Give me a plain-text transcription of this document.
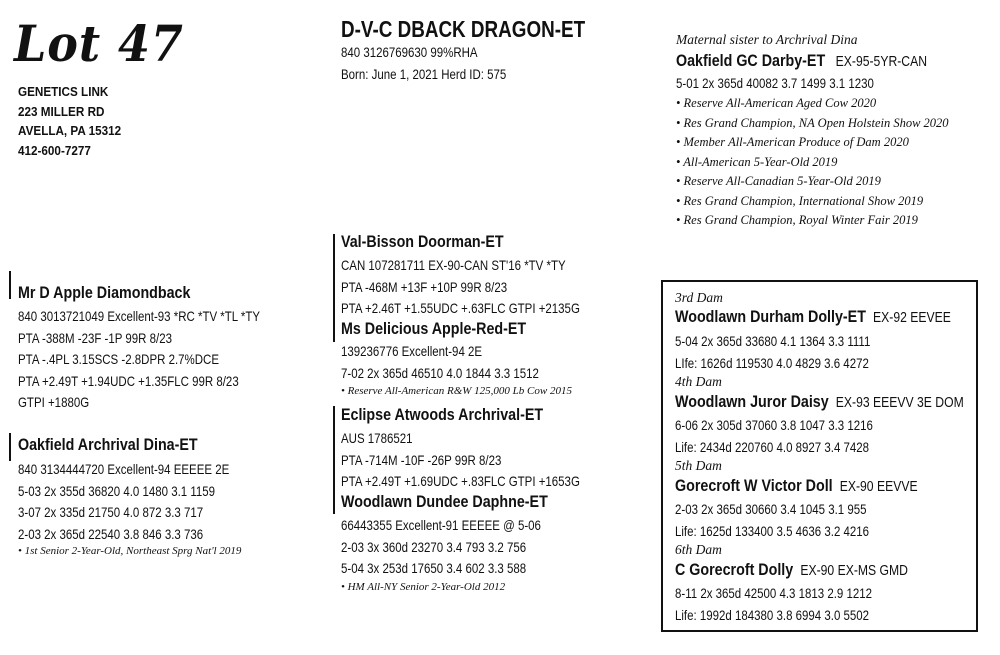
Lot 47
GENETICS LINK
223 MILLER RD
AVELLA, PA 15312
412-600-7277
D-V-C DBACK DRAGON-ET
840 3126769630 99%RHA
Born: June 1, 2021 Herd ID: 575
Maternal sister to Archrival Dina
Oakfield GC Darby-ET EX-95-5YR-CAN
5-01 2x 365d 40082 3.7 1499 3.1 1230
• Reserve All-American Aged Cow 2020
• Res Grand Champion, NA Open Holstein Show 2020
• Member All-American Produce of Dam 2020
• All-American 5-Year-Old 2019
• Reserve All-Canadian 5-Year-Old 2019
• Res Grand Champion, International Show 2019
• Res Grand Champion, Royal Winter Fair 2019
Mr D Apple Diamondback
840 3013721049 Excellent-93 *RC *TV *TL *TY
PTA -388M -23F -1P 99R 8/23
PTA -.4PL 3.15SCS -2.8DPR 2.7%DCE
PTA +2.49T +1.94UDC +1.35FLC 99R 8/23
GTPI +1880G
Oakfield Archrival Dina-ET
840 3134444720 Excellent-94 EEEEE 2E
5-03 2x 355d 36820 4.0 1480 3.1 1159
3-07 2x 335d 21750 4.0 872 3.3 717
2-03 2x 365d 22540 3.8 846 3.3 736
• 1st Senior 2-Year-Old, Northeast Sprg Nat'l 2019
Val-Bisson Doorman-ET
CAN 107281711 EX-90-CAN ST'16 *TV *TY
PTA -468M +13F +10P 99R 8/23
PTA +2.46T +1.55UDC +.63FLC GTPI +2135G
Ms Delicious Apple-Red-ET
139236776 Excellent-94 2E
7-02 2x 365d 46510 4.0 1844 3.3 1512
• Reserve All-American R&W 125,000 Lb Cow 2015
Eclipse Atwoods Archrival-ET
AUS 1786521
PTA -714M -10F -26P 99R 8/23
PTA +2.49T +1.69UDC +.83FLC GTPI +1653G
Woodlawn Dundee Daphne-ET
66443355 Excellent-91 EEEEE @ 5-06
2-03 3x 360d 23270 3.4 793 3.2 756
5-04 3x 253d 17650 3.4 602 3.3 588
• HM All-NY Senior 2-Year-Old 2012
3rd Dam
Woodlawn Durham Dolly-ET EX-92 EEVEE
5-04 2x 365d 33680 4.1 1364 3.3 1111
LIfe: 1626d 119530 4.0 4829 3.6 4272
4th Dam
Woodlawn Juror Daisy EX-93 EEEVV 3E DOM
6-06 2x 305d 37060 3.8 1047 3.3 1216
Life: 2434d 220760 4.0 8927 3.4 7428
5th Dam
Gorecroft W Victor Doll EX-90 EEVVE
2-03 2x 365d 30660 3.4 1045 3.1 955
Life: 1625d 133400 3.5 4636 3.2 4216
6th Dam
C Gorecroft Dolly EX-90 EX-MS GMD
8-11 2x 365d 42500 4.3 1813 2.9 1212
Life: 1992d 184380 3.8 6994 3.0 5502
